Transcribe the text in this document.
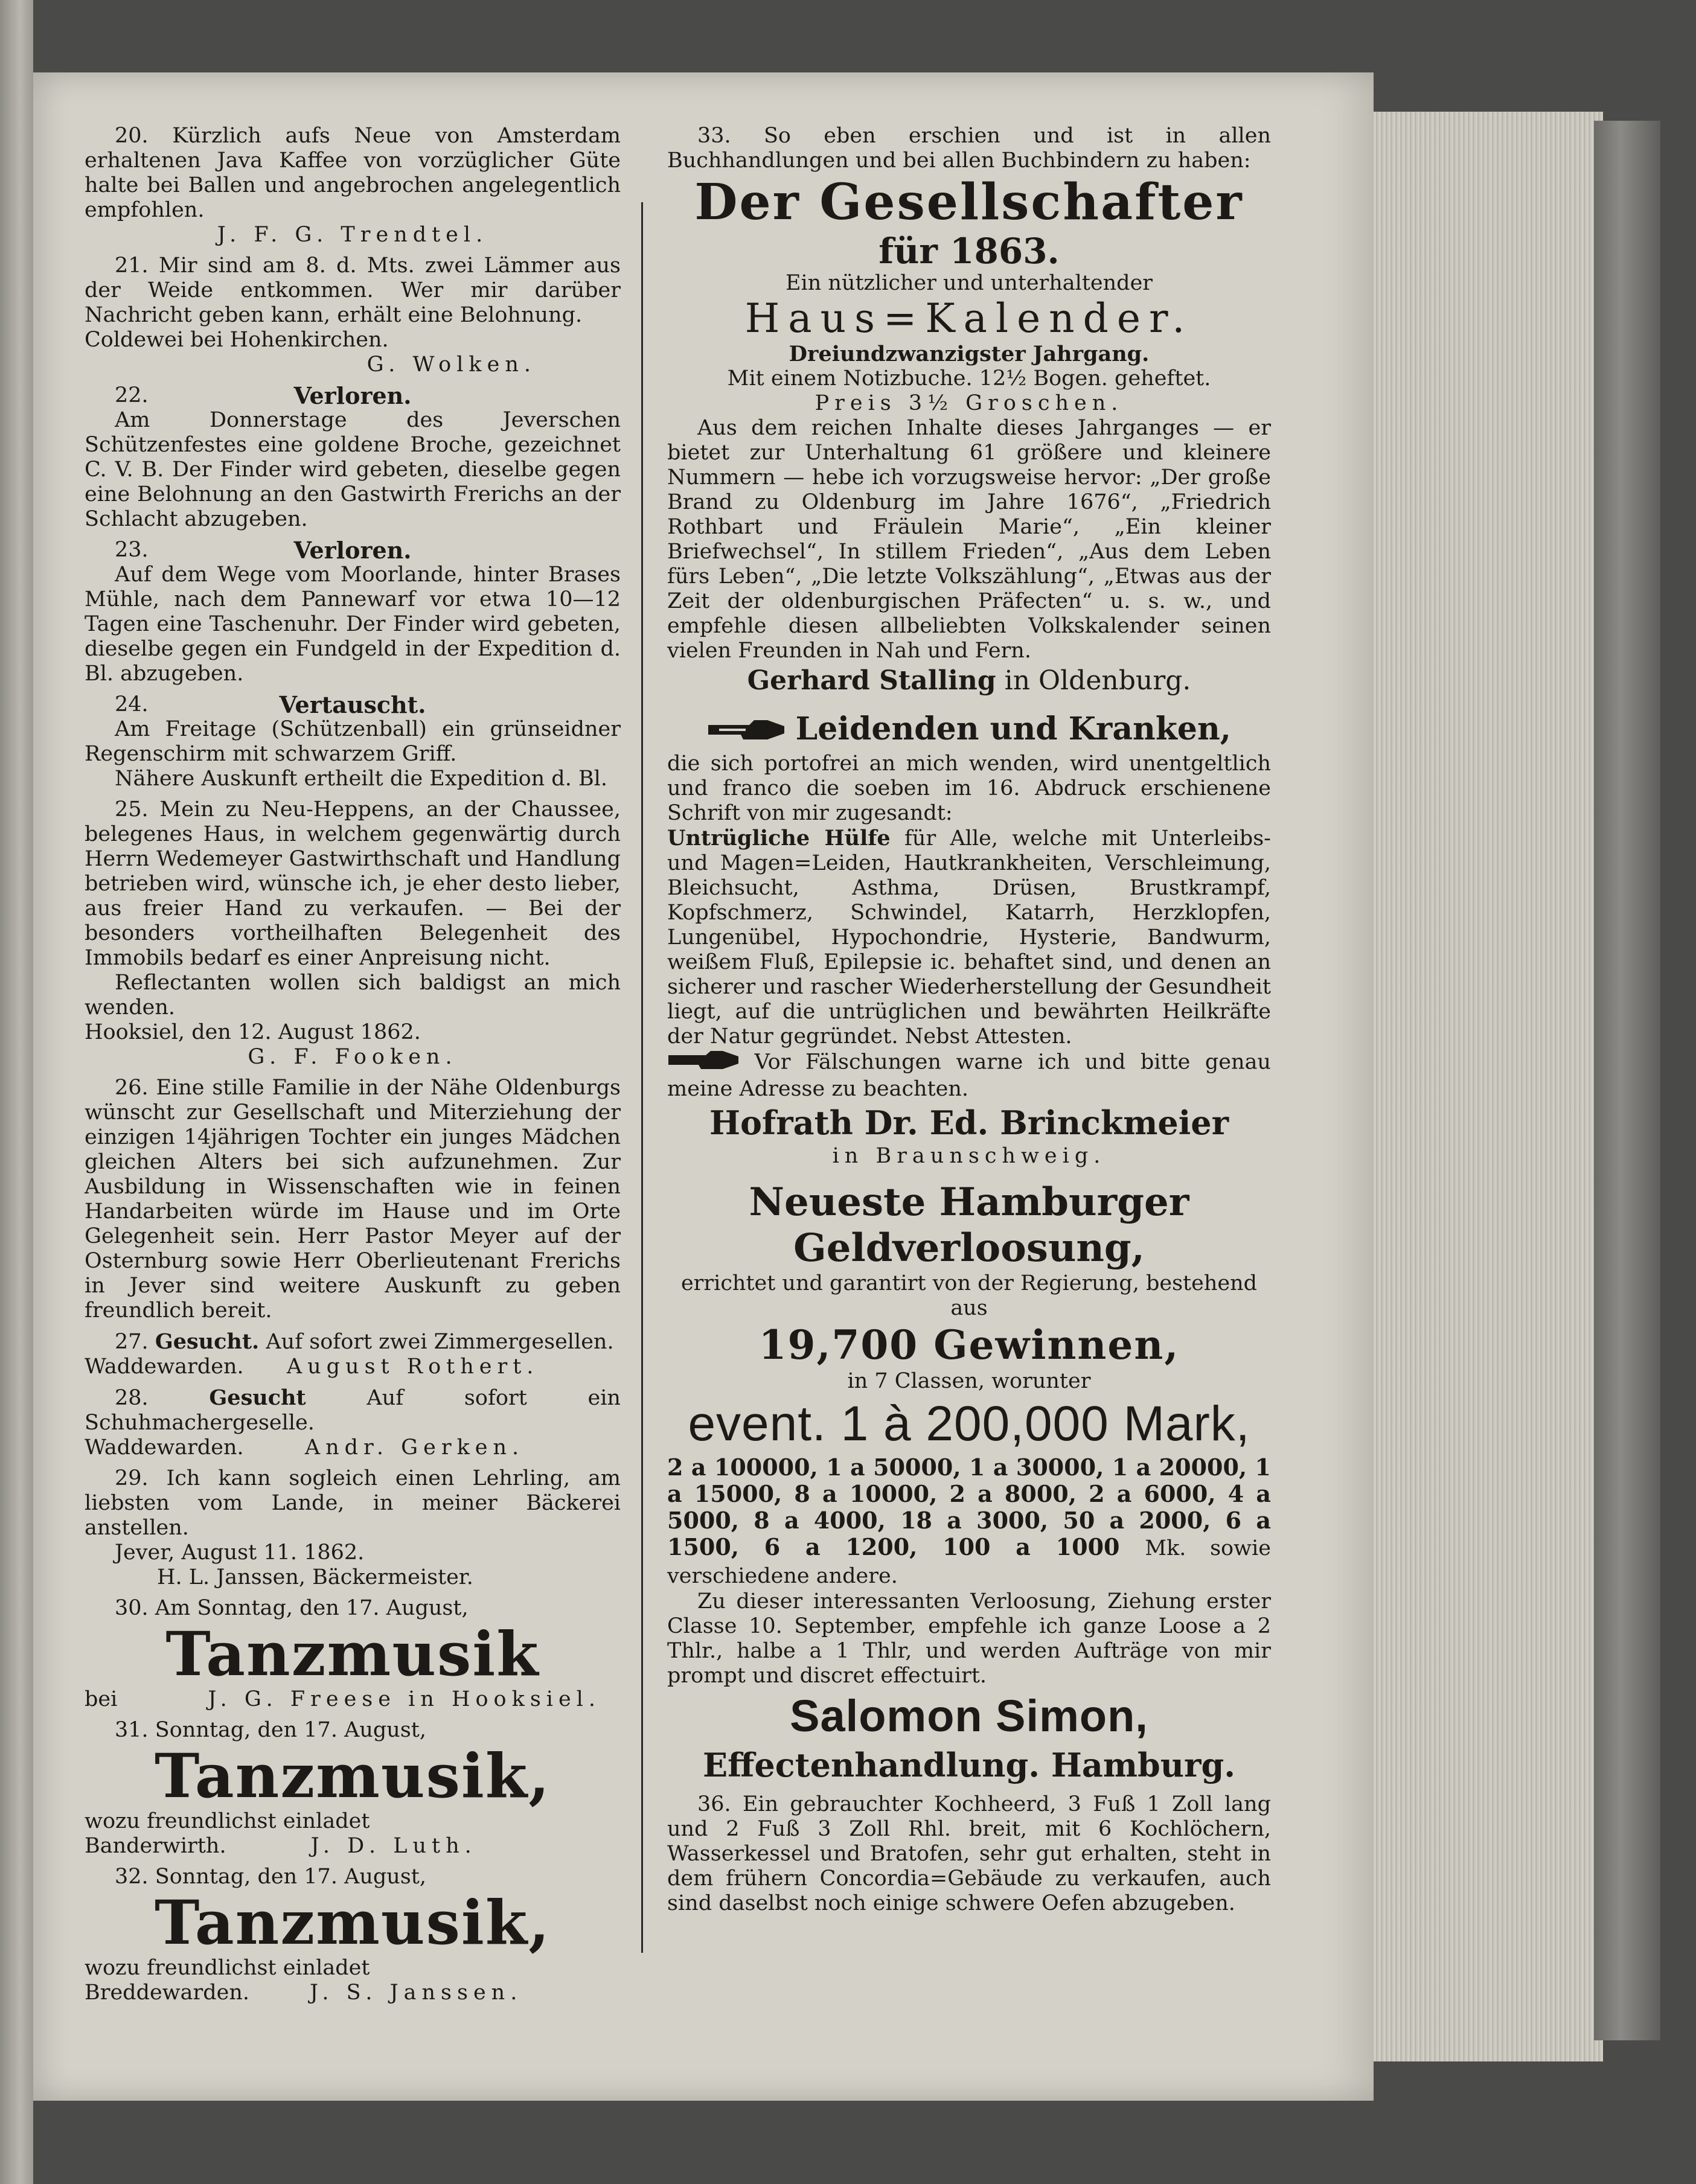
20. Kürzlich aufs Neue von Amsterdam erhaltenen Java Kaffee von vorzüglicher Güte halte bei Ballen und angebrochen angelegentlich empfohlen.

J. F. G. Trendtel.

21. Mir sind am 8. d. Mts. zwei Lämmer aus der Weide entkommen. Wer mir darüber Nachricht geben kann, erhält eine Belohnung.

Coldewei bei Hohenkirchen.

G. Wolken.

22.	Verloren.

Am Donnerstage des Jeverschen Schützenfestes eine goldene Broche, gezeichnet C. V. B. Der Finder wird gebeten, dieselbe gegen eine Belohnung an den Gastwirth Frerichs an der Schlacht abzugeben.

23.	Verloren.

Auf dem Wege vom Moorlande, hinter Brases Mühle, nach dem Pannewarf vor etwa 10—12 Tagen eine Taschenuhr. Der Finder wird gebeten, dieselbe gegen ein Fundgeld in der Expedition d. Bl. abzugeben.

24.	Vertauscht.

Am Freitage (Schützenball) ein grünseidner Regenschirm mit schwarzem Griff.

Nähere Auskunft ertheilt die Expedition d. Bl.

25. Mein zu Neu-Heppens, an der Chaussee, belegenes Haus, in welchem gegenwärtig durch Herrn Wedemeyer Gastwirthschaft und Handlung betrieben wird, wünsche ich, je eher desto lieber, aus freier Hand zu verkaufen. — Bei der besonders vortheilhaften Belegenheit des Immobils bedarf es einer Anpreisung nicht.

Reflectanten wollen sich baldigst an mich wenden.

Hooksiel, den 12. August 1862.

G. F. Fooken.

26. Eine stille Familie in der Nähe Oldenburgs wünscht zur Gesellschaft und Miterziehung der einzigen 14jährigen Tochter ein junges Mädchen gleichen Alters bei sich aufzunehmen. Zur Ausbildung in Wissenschaften wie in feinen Handarbeiten würde im Hause und im Orte Gelegenheit sein. Herr Pastor Meyer auf der Osternburg sowie Herr Oberlieutenant Frerichs in Jever sind weitere Auskunft zu geben freundlich bereit.

27. Gesucht. Auf sofort zwei Zimmergesellen.

Waddewarden. August Rothert.

28.	Gesucht	Auf sofort ein Schuhmachergeselle.

Waddewarden.	Andr. Gerken.

29. Ich kann sogleich einen Lehrling, am liebsten vom Lande, in meiner Bäckerei anstellen.

Jever, August 11. 1862.

H. L. Janssen, Bäckermeister.

30. Am Sonntag, den 17. August,

Tanzmusik

bei	J. G. Freese in Hooksiel.

31. Sonntag, den 17. August,

Tanzmusik,

wozu freundlichst einladet

Banderwirth.	J. D. Luth.

32. Sonntag, den 17. August,

Tanzmusik,

wozu freundlichst einladet

Breddewarden.	J. S. Janssen.

33. So eben erschien und ist in allen Buchhandlungen und bei allen Buchbindern zu haben:

Der Gesellschafter

für 1863.

Ein nützlicher und unterhaltender

Haus=Kalender.

Dreiundzwanzigster Jahrgang.

Mit einem Notizbuche. 12½ Bogen. geheftet.

Preis 3½ Groschen.

Aus dem reichen Inhalte dieses Jahrganges — er bietet zur Unterhaltung 61 größere und kleinere Nummern — hebe ich vorzugsweise hervor: „Der große Brand zu Oldenburg im Jahre 1676“, „Friedrich Rothbart und Fräulein Marie“, „Ein kleiner Briefwechsel“, In stillem Frieden“, „Aus dem Leben fürs Leben“, „Die letzte Volkszählung“, „Etwas aus der Zeit der oldenburgischen Präfecten“ u. s. w., und empfehle diesen allbeliebten Volkskalender seinen vielen Freunden in Nah und Fern.

Gerhard Stalling in Oldenburg.

Leidenden und Kranken,

die sich portofrei an mich wenden, wird unentgeltlich und franco die soeben im 16. Abdruck erschienene Schrift von mir zugesandt:

Untrügliche Hülfe für Alle, welche mit Unterleibs- und Magen=Leiden, Hautkrankheiten, Verschleimung, Bleichsucht, Asthma, Drüsen, Brustkrampf, Kopfschmerz, Schwindel, Katarrh, Herzklopfen, Lungenübel, Hypochondrie, Hysterie, Bandwurm, weißem Fluß, Epilepsie ic. behaftet sind, und denen an sicherer und rascher Wiederherstellung der Gesundheit liegt, auf die untrüglichen und bewährten Heilkräfte der Natur gegründet. Nebst Attesten.

Vor Fälschungen warne ich und bitte genau meine Adresse zu beachten.

Hofrath Dr. Ed. Brinckmeier

in Braunschweig.

Neueste Hamburger Geldverloosung,

errichtet und garantirt von der Regierung, bestehend aus

19,700 Gewinnen,

in 7 Classen, worunter

event. 1 à 200,000 Mark,

2 a 100000, 1 a 50000, 1 a 30000, 1 a 20000, 1 a 15000, 8 a 10000, 2 a 8000, 2 a 6000, 4 a 5000, 8 a 4000, 18 a 3000, 50 a 2000, 6 a 1500, 6 a 1200, 100 a 1000 Mk. sowie verschiedene andere.

Zu dieser interessanten Verloosung, Ziehung erster Classe 10. September, empfehle ich ganze Loose a 2 Thlr., halbe a 1 Thlr, und werden Aufträge von mir prompt und discret effectuirt.

Salomon Simon,

Effectenhandlung. Hamburg.

36. Ein gebrauchter Kochheerd, 3 Fuß 1 Zoll lang und 2 Fuß 3 Zoll Rhl. breit, mit 6 Kochlöchern, Wasserkessel und Bratofen, sehr gut erhalten, steht in dem frühern Concordia=Gebäude zu verkaufen, auch sind daselbst noch einige schwere Oefen abzugeben.
